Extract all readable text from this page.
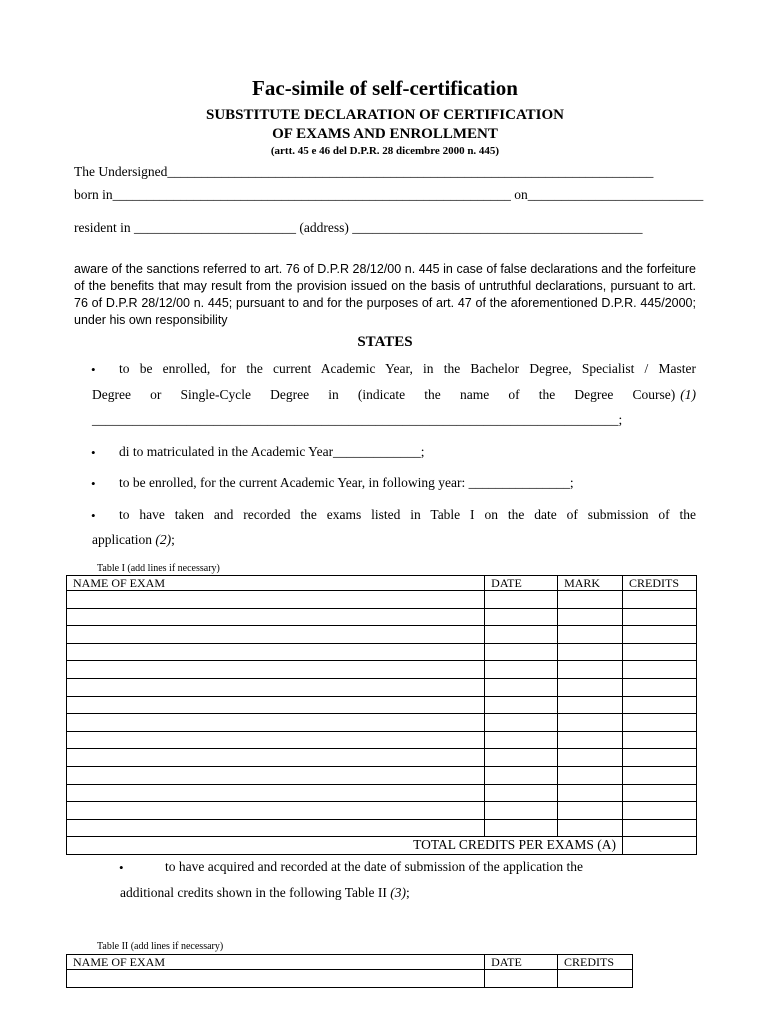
Fac-simile of self-certification
SUBSTITUTE DECLARATION OF CERTIFICATION
OF EXAMS AND ENROLLMENT
(artt. 45 e 46 del D.P.R. 28 dicembre 2000 n. 445)
The Undersigned________________________________________________________________________
born in___________________________________________________________ on__________________________
resident in ________________________ (address) ___________________________________________
aware of the sanctions referred to art. 76 of D.P.R 28/12/00 n. 445 in case of false declarations and the forfeiture of the benefits that may result from the provision issued on the basis of untruthful declarations, pursuant to art. 76 of D.P.R 28/12/00 n. 445; pursuant to and for the purposes of art. 47 of the aforementioned D.P.R. 445/2000; under his own responsibility
STATES
• to be enrolled, for the current Academic Year, in the Bachelor Degree, Specialist / Master
Degree or Single-Cycle Degree in (indicate the name of the Degree Course) (1)
______________________________________________________________________________;
• di to matriculated in the Academic Year_____________;
• to be enrolled, for the current Academic Year, in following year: _______________;
• to have taken and recorded the exams listed in Table I on the date of submission of the
application (2);
Table I (add lines if necessary)
NAME OF EXAM	DATE	MARK	CREDITS

TOTAL CREDITS PER EXAMS (A)			
•	to have acquired and recorded at the date of submission of the application the
additional credits shown in the following Table II (3);
Table II (add lines if necessary)
NAME OF EXAM	DATE	CREDITS
